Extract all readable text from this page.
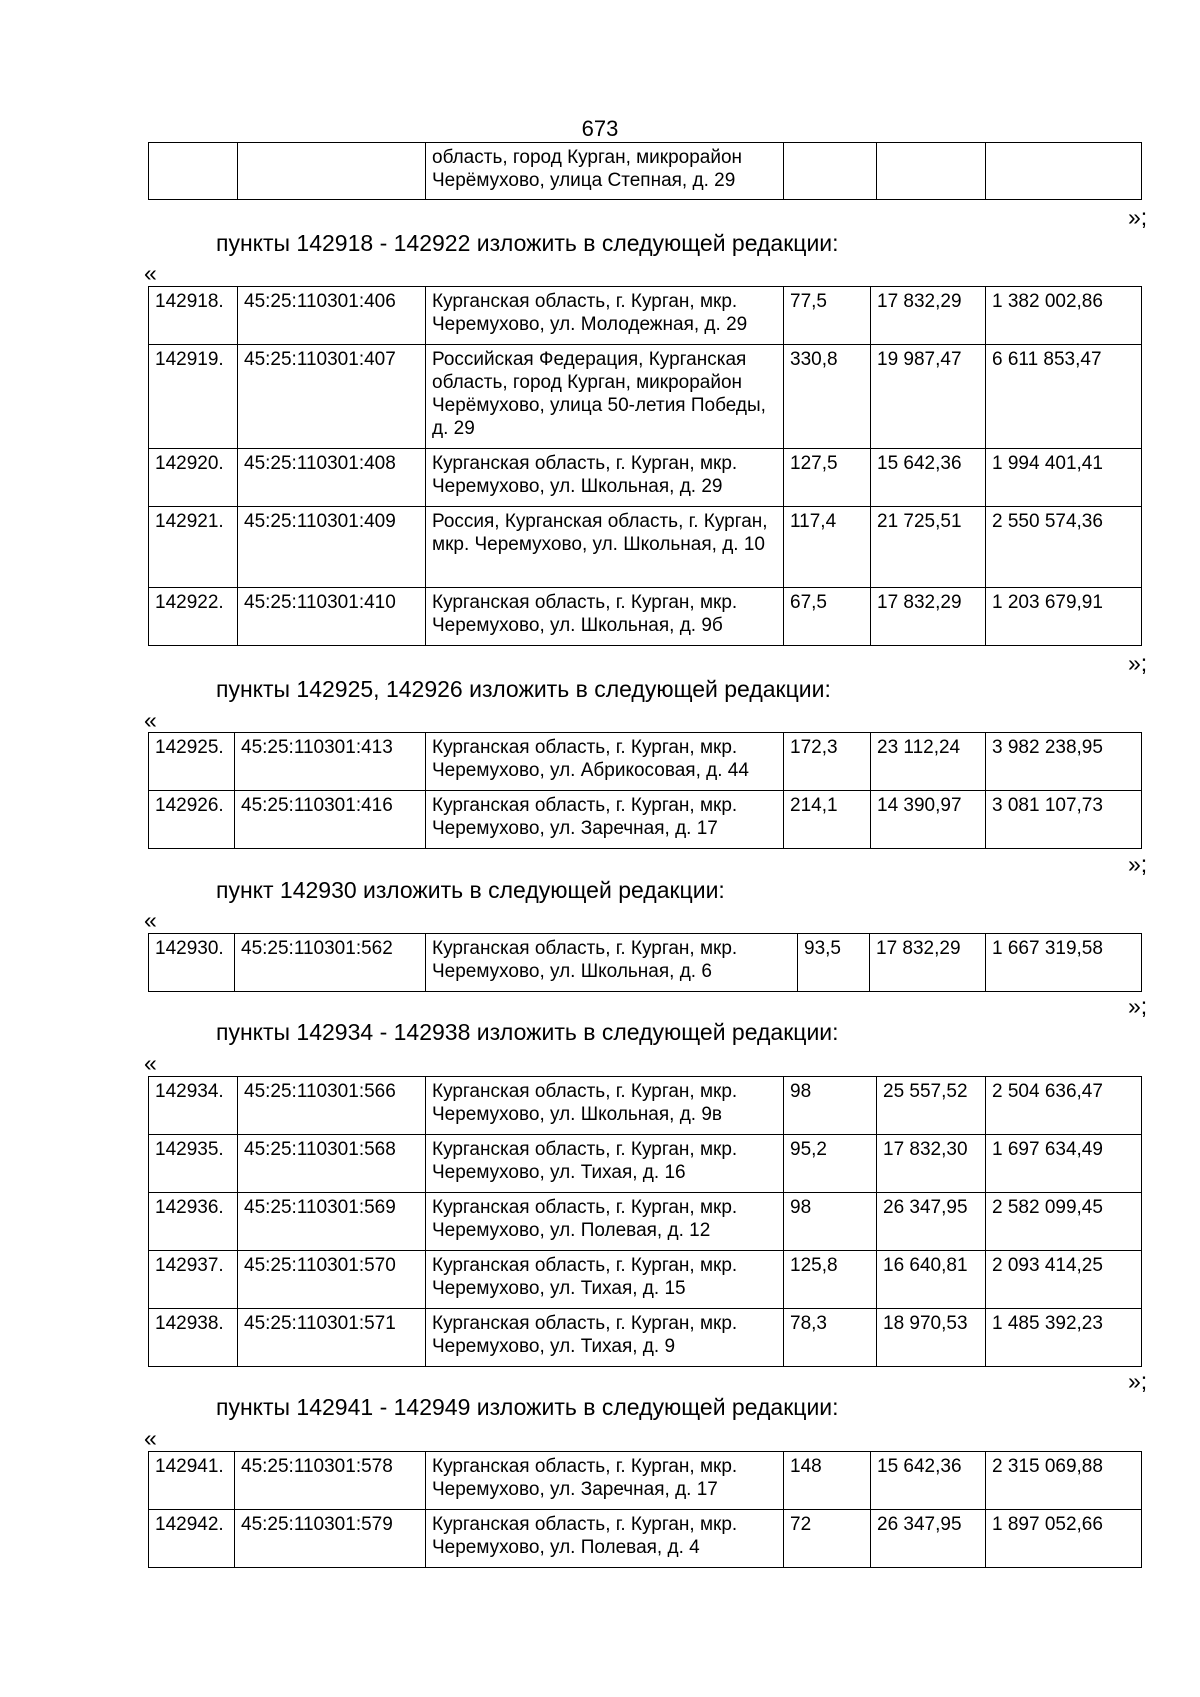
673
		область, город Курган, микрорайон Черёмухово, улица Степная, д. 29			
»;
пункты 142918 - 142922 изложить в следующей редакции:
«
142918.	45:25:110301:406	Курганская область, г. Курган, мкр. Черемухово, ул. Молодежная, д. 29	77,5	17 832,29	1 382 002,86
142919.	45:25:110301:407	Российская Федерация, Курганская область, город Курган, микрорайон Черёмухово, улица 50-летия Победы, д. 29	330,8	19 987,47	6 611 853,47
142920.	45:25:110301:408	Курганская область, г. Курган, мкр. Черемухово, ул. Школьная, д. 29	127,5	15 642,36	1 994 401,41
142921.	45:25:110301:409	Россия, Курганская область, г. Курган, мкр. Черемухово, ул. Школьная, д. 10	117,4	21 725,51	2 550 574,36
142922.	45:25:110301:410	Курганская область, г. Курган, мкр. Черемухово, ул. Школьная, д. 9б	67,5	17 832,29	1 203 679,91
»;
пункты 142925, 142926 изложить в следующей редакции:
«
142925.	45:25:110301:413	Курганская область, г. Курган, мкр. Черемухово, ул. Абрикосовая, д. 44	172,3	23 112,24	3 982 238,95
142926.	45:25:110301:416	Курганская область, г. Курган, мкр. Черемухово, ул. Заречная, д. 17	214,1	14 390,97	3 081 107,73
»;
пункт 142930 изложить в следующей редакции:
«
142930.	45:25:110301:562	Курганская область, г. Курган, мкр. Черемухово, ул. Школьная, д. 6	93,5	17 832,29	1 667 319,58
»;
пункты 142934 - 142938 изложить в следующей редакции:
«
142934.	45:25:110301:566	Курганская область, г. Курган, мкр. Черемухово, ул. Школьная, д. 9в	98	25 557,52	2 504 636,47
142935.	45:25:110301:568	Курганская область, г. Курган, мкр. Черемухово, ул. Тихая, д. 16	95,2	17 832,30	1 697 634,49
142936.	45:25:110301:569	Курганская область, г. Курган, мкр. Черемухово, ул. Полевая, д. 12	98	26 347,95	2 582 099,45
142937.	45:25:110301:570	Курганская область, г. Курган, мкр. Черемухово, ул. Тихая, д. 15	125,8	16 640,81	2 093 414,25
142938.	45:25:110301:571	Курганская область, г. Курган, мкр. Черемухово, ул. Тихая, д. 9	78,3	18 970,53	1 485 392,23
»;
пункты 142941 - 142949 изложить в следующей редакции:
«
142941.	45:25:110301:578	Курганская область, г. Курган, мкр. Черемухово, ул. Заречная, д. 17	148	15 642,36	2 315 069,88
142942.	45:25:110301:579	Курганская область, г. Курган, мкр. Черемухово, ул. Полевая, д. 4	72	26 347,95	1 897 052,66
